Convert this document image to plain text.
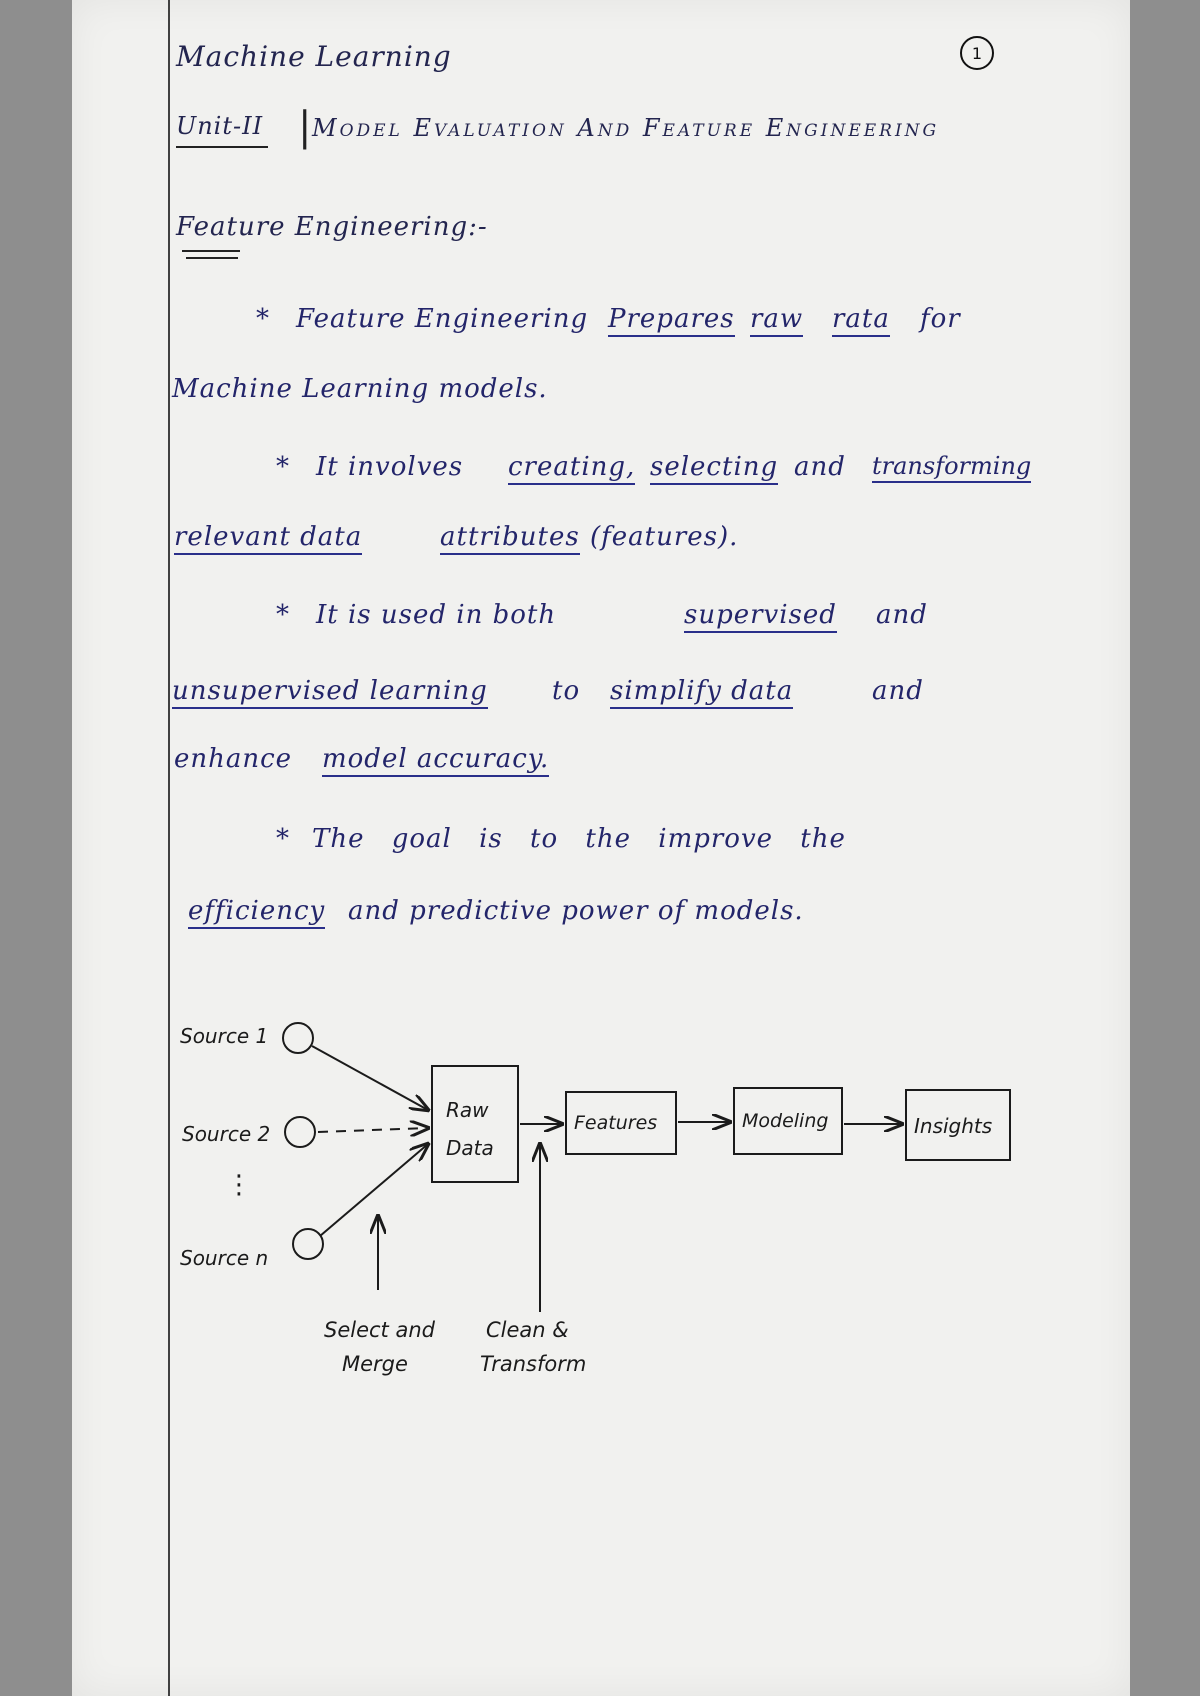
1
Machine Learning
Unit-II | Model Evaluation And Feature Engineering
Feature Engineering:-
* Feature Engineering Prepares raw rata for
Machine Learning models.
* It involves creating, selecting and transforming
relevant data	attributes (features).
* It is used in both	supervised and
unsupervised learning to simplify data	and
enhance model accuracy.
* The goal is to the improve the
efficiency and predictive power of models.
Source 1
Source 2
⋮
Source n
Raw
Data
Features	Modeling	Insights
Select and
Merge
Clean &
Transform
